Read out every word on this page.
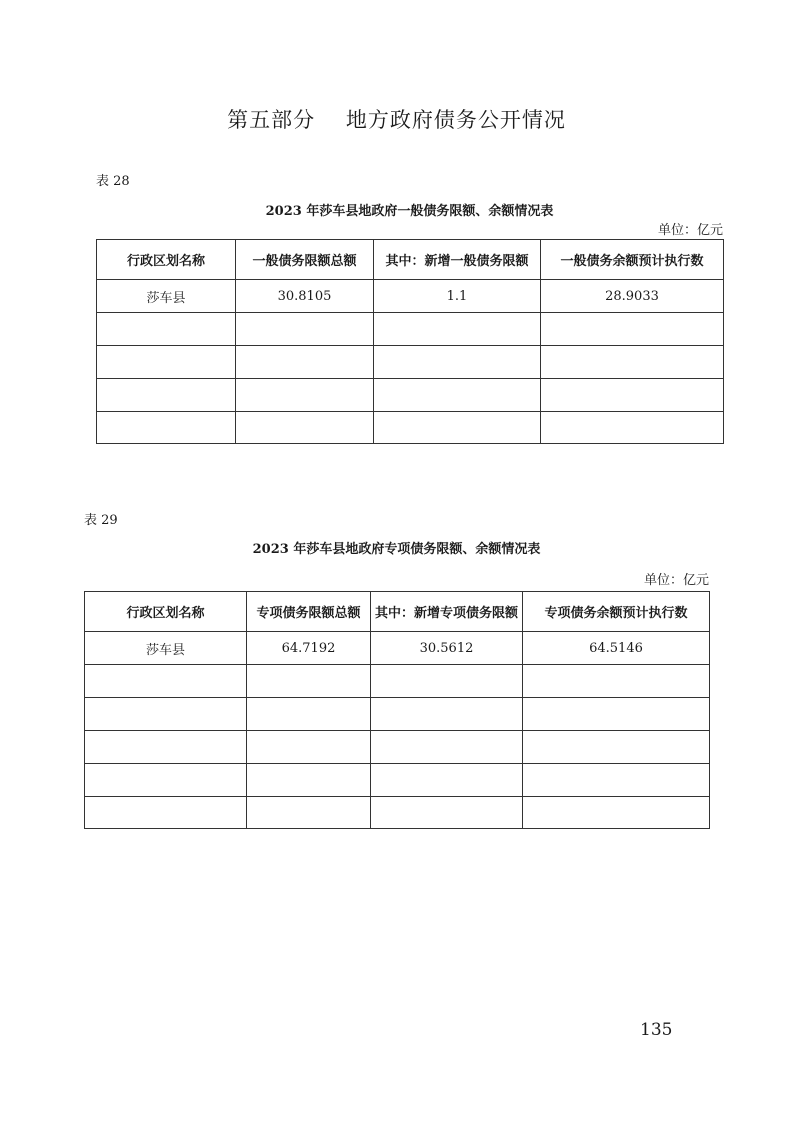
第五部分    地方政府债务公开情况
表 28
2023 年莎车县地政府一般债务限额、余额情况表
单位：亿元
行政区划名称	一般债务限额总额	其中：新增一般债务限额	一般债务余额预计执行数
莎车县	30.8105	1.1	28.9033

表 29
2023 年莎车县地政府专项债务限额、余额情况表
单位：亿元
行政区划名称	专项债务限额总额	其中：新增专项债务限额	专项债务余额预计执行数
莎车县	64.7192	30.5612	64.5146

135
